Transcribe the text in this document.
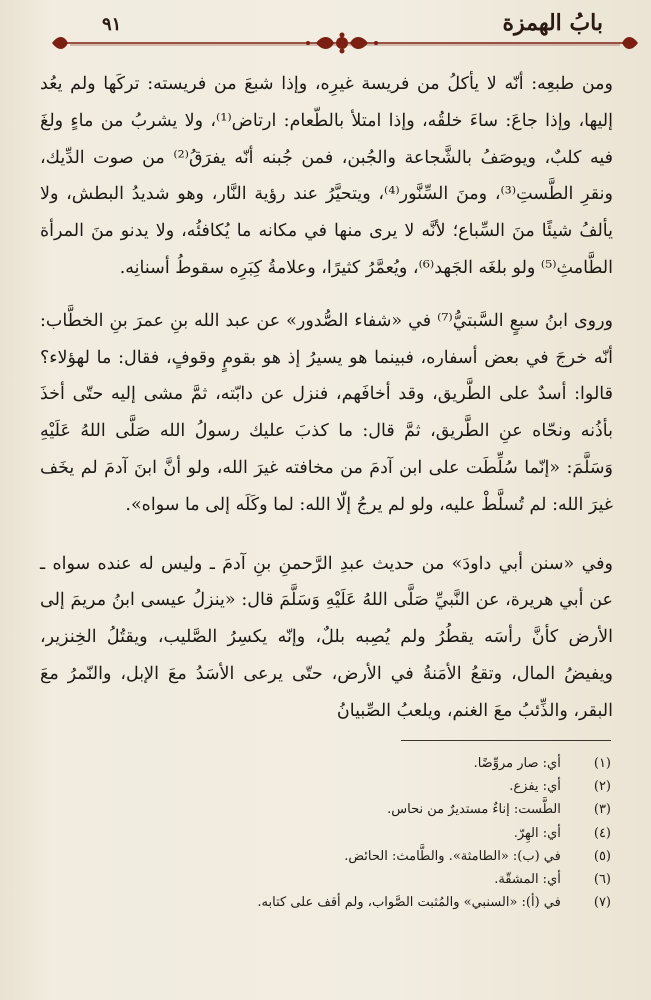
بابُ الهمزة
٩١

ومن طبعِه: أنّه لا يأكلُ من فريسة غيرِه، وإذا شبعَ من فريسته: تركَها ولم يعُد إليها، وإذا جاعَ: ساءَ خلقُه، وإذا امتلأ بالطّعام: ارتاض⁽¹⁾، ولا يشربُ من ماءٍ ولغَ فيه كلبٌ، ويوصَفُ بالشَّجاعة والجُبن، فمن جُبنه أنّه يفرَقُ⁽²⁾ من صوت الدِّيك، ونقرِ الطَّستِ⁽³⁾، ومنَ السِّنَّور⁽⁴⁾، ويتحيَّرُ عند رؤية النَّار، وهو شديدُ البطش، ولا يألفُ شيئًا منَ السِّباع؛ لأنَّه لا يرى منها في مكانه ما يُكافئُه، ولا يدنو منَ المرأة الطَّامثِ⁽⁵⁾ ولو بلغَه الجَهد⁽⁶⁾، ويُعمَّرُ كثيرًا، وعلامةُ كِبَرِه سقوطُ أسنانِه.

وروى ابنُ سبعٍ السَّبتيُّ⁽⁷⁾ في «شفاء الصُّدور» عن عبد الله بنِ عمرَ بنِ الخطَّاب: أنّه خرجَ في بعض أسفاره، فبينما هو يسيرُ إذ هو بقومٍ وقوفٍ، فقال: ما لهؤلاء؟ قالوا: أسدٌ على الطَّريق، وقد أخافَهم، فنزل عن دابّته، ثمَّ مشى إليه حتّى أخذَ بأذُنه ونحّاه عنِ الطَّريق، ثمَّ قال: ما كذبَ عليك رسولُ الله صَلَّى اللهُ عَلَيْهِ وَسَلَّمَ: «إنّما سُلِّطَت على ابن آدمَ من مخافته غيرَ الله، ولو أنَّ ابنَ آدمَ لم يخَف غيرَ الله: لم تُسلَّطْ عليه، ولو لم يرجُ إلّا الله: لما وكَلَه إلى ما سواه».

وفي «سنن أبي داودَ» من حديث عبدِ الرَّحمنِ بنِ آدمَ ـ وليس له عنده سواه ـ عن أبي هريرة، عن النَّبيِّ صَلَّى اللهُ عَلَيْهِ وَسَلَّمَ قال: «ينزلُ عيسى ابنُ مريمَ إلى الأرض كأنَّ رأسَه يقطُرُ ولم يُصِبه بللٌ، وإنّه يكسِرُ الصَّليب، ويقتُلُ الخِنزير، ويفيضُ المال، وتقعُ الأمَنةُ في الأرض، حتّى يرعى الأسَدُ معَ الإبل، والنّمرُ معَ البقر، والذِّئبُ معَ الغنم، ويلعبُ الصِّبيانُ

(١) أي: صار مروِّضًا.
(٢) أي: يفزع.
(٣) الطَّست: إناءٌ مستديرٌ من نحاس.
(٤) أي: الهِرّ.
(٥) في (ب): «الطامثة». والطَّامث: الحائض.
(٦) أي: المشقّة.
(٧) في (أ): «السنبي» والمُثبت الصَّواب، ولم أقف على كتابه.
